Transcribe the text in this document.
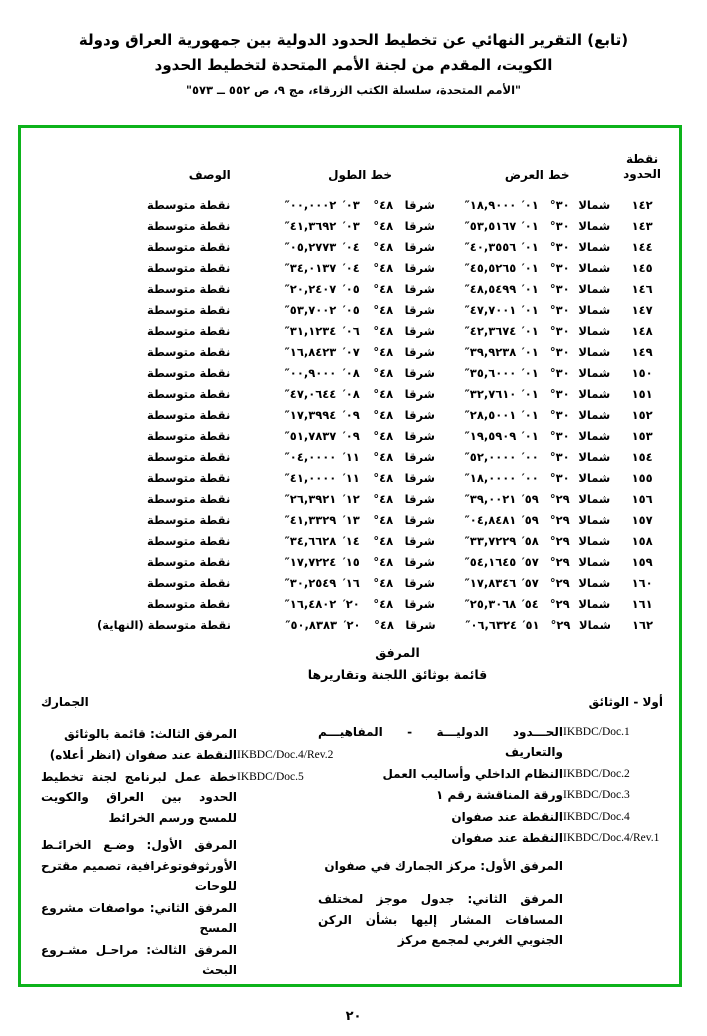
(تابع) التقرير النهائي عن تخطيط الحدود الدولية بين جمهورية العراق ودولة
الكويت، المقدم من لجنة الأمم المتحدة لتخطيط الحدود
"الأمم المتحدة، سلسلة الكتب الزرقاء، مج ٩، ص ٥٥٢ ــ ٥٧٣"
الوصف	خط الطول	خط العرض
نقطة
الحدود
نقطة متوسطة	″٠٠,٠٠٠٢ ′٠٣	°٤٨ شرقا	″١٨,٩٠٠٠ ′٠١ °٣٠ شمالا	١٤٢
نقطة متوسطة	″٤١,٣٦٩٢ ′٠٣	°٤٨ شرقا	″٥٣,٥١٦٧ ′٠١ °٣٠ شمالا	١٤٣
نقطة متوسطة	″٠٥,٢٧٧٣ ′٠٤	°٤٨ شرقا	″٤٠,٣٥٥٦ ′٠١ °٣٠ شمالا	١٤٤
نقطة متوسطة	″٣٤,٠١٣٧ ′٠٤	°٤٨ شرقا	″٤٥,٥٢٦٥ ′٠١ °٣٠ شمالا	١٤٥
نقطة متوسطة	″٢٠,٢٤٠٧ ′٠٥	°٤٨ شرقا	″٤٨,٥٤٩٩ ′٠١ °٣٠ شمالا	١٤٦
نقطة متوسطة	″٥٣,٧٠٠٢ ′٠٥	°٤٨ شرقا	″٤٧,٧٠٠١ ′٠١ °٣٠ شمالا	١٤٧
نقطة متوسطة	″٣١,١٢٣٤ ′٠٦	°٤٨ شرقا	″٤٢,٣٦٧٤ ′٠١ °٣٠ شمالا	١٤٨
نقطة متوسطة	″١٦,٨٤٢٣ ′٠٧	°٤٨ شرقا	″٣٩,٩٢٣٨ ′٠١ °٣٠ شمالا	١٤٩
نقطة متوسطة	″٠٠,٩٠٠٠ ′٠٨	°٤٨ شرقا	″٣٥,٦٠٠٠ ′٠١ °٣٠ شمالا	١٥٠
نقطة متوسطة	″٤٧,٠٦٤٤ ′٠٨	°٤٨ شرقا	″٣٢,٧٦١٠ ′٠١ °٣٠ شمالا	١٥١
نقطة متوسطة	″١٧,٣٩٩٤ ′٠٩	°٤٨ شرقا	″٢٨,٥٠٠١ ′٠١ °٣٠ شمالا	١٥٢
نقطة متوسطة	″٥١,٧٨٣٧ ′٠٩	°٤٨ شرقا	″١٩,٥٩٠٩ ′٠١ °٣٠ شمالا	١٥٣
نقطة متوسطة	″٠٤,٠٠٠٠ ′١١	°٤٨ شرقا	″٥٢,٠٠٠٠ ′٠٠ °٣٠ شمالا	١٥٤
نقطة متوسطة	″٤١,٠٠٠٠ ′١١	°٤٨ شرقا	″١٨,٠٠٠٠ ′٠٠ °٣٠ شمالا	١٥٥
نقطة متوسطة	″٢٦,٣٩٢١ ′١٢	°٤٨ شرقا	″٣٩,٠٠٢١ ′٥٩ °٢٩ شمالا	١٥٦
نقطة متوسطة	″٤١,٣٣٢٩ ′١٣	°٤٨ شرقا	″٠٤,٨٤٨١ ′٥٩ °٢٩ شمالا	١٥٧
نقطة متوسطة	″٣٤,٦٦٢٨ ′١٤	°٤٨ شرقا	″٣٣,٧٢٢٩ ′٥٨ °٢٩ شمالا	١٥٨
نقطة متوسطة	″١٧,٧٢٢٤ ′١٥	°٤٨ شرقا	″٥٤,١٦٤٥ ′٥٧ °٢٩ شمالا	١٥٩
نقطة متوسطة	″٣٠,٢٥٤٩ ′١٦	°٤٨ شرقا	″١٧,٨٣٤٦ ′٥٧ °٢٩ شمالا	١٦٠
نقطة متوسطة	″١٦,٤٨٠٢ ′٢٠	°٤٨ شرقا	″٢٥,٣٠٦٨ ′٥٤ °٢٩ شمالا	١٦١
نقطة متوسطة (النهاية)	″٥٠,٨٣٨٣ ′٢٠	°٤٨ شرقا	″٠٦,٦٣٢٤ ′٥١ °٢٩ شمالا	١٦٢
المرفق
قائمة بوثائق اللجنة وتقاريرها
أولا - الوثائق
IKBDC/Doc.1
الحـــدود الدوليـــة - المفاهيـــم والتعاريف
IKBDC/Doc.2
النظام الداخلي وأساليب العمل
IKBDC/Doc.3
ورقة المناقشة رقم ١
IKBDC/Doc.4
النقطة عند صفوان
IKBDC/Doc.4/Rev.1
النقطة عند صفوان
المرفق الأول: مركز الجمارك في صفوان
المرفق الثاني: جدول موجز لمختلف المسافات المشار إليها بشأن الركن الجنوبي الغربي لمجمع مركز
الجمارك
المرفق الثالث: قائمة بالوثائق
IKBDC/Doc.4/Rev.2
النقطة عند صفوان (انظر أعلاه)
IKBDC/Doc.5
خطة عمل لبرنامج لجنة تخطيط الحدود بين العراق والكويت للمسح ورسم الخرائط
المرفق الأول: وضـع الخرائـط الأورثوفوتوغرافية، تصميم مقترح للوحات
المرفق الثاني: مواصفات مشروع المسح
المرفق الثالث: مراحـل مشـروع البحث
٢٠
